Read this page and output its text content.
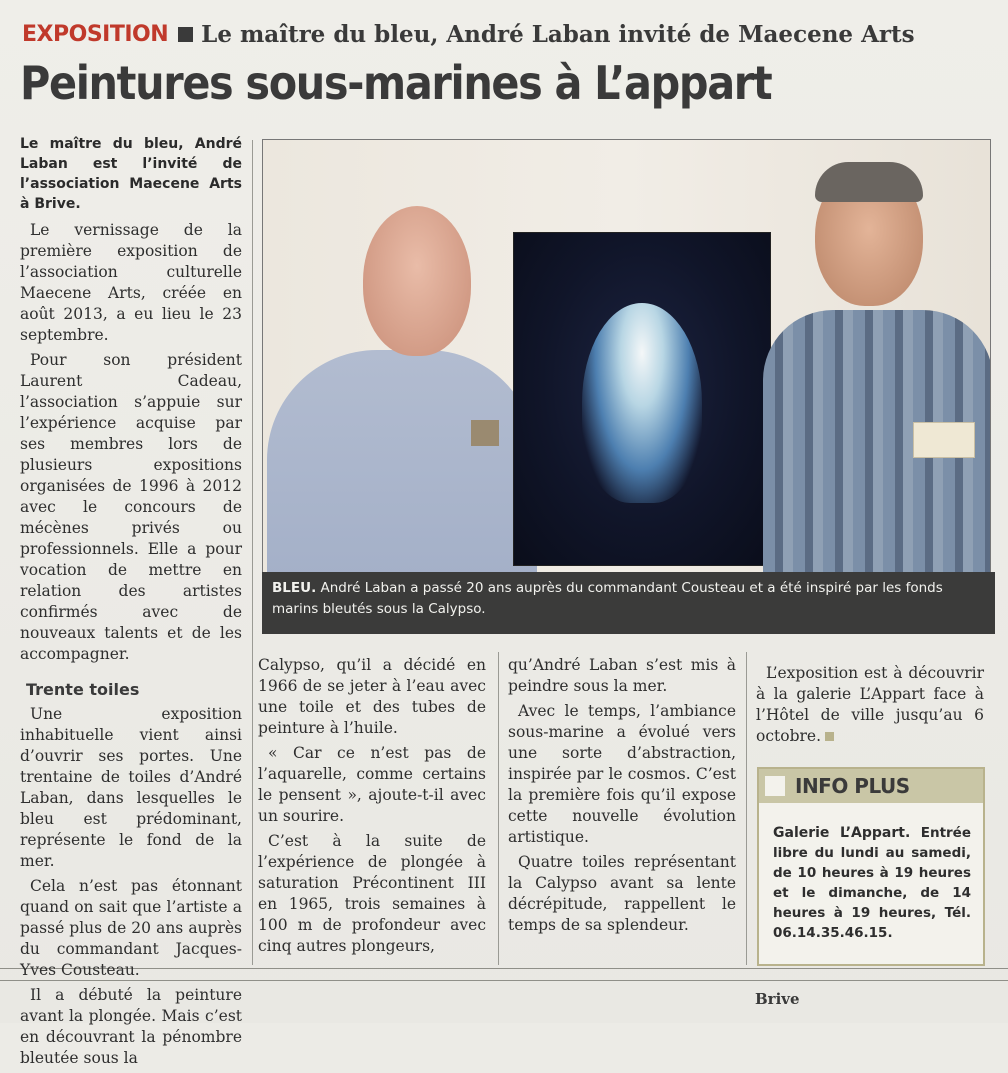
EXPOSITION Le maître du bleu, André Laban invité de Maecene Arts
Peintures sous-marines à L’appart
Le maître du bleu, André Laban est l’invité de l’association Maecene Arts à Brive.

Le vernissage de la première exposition de l’association culturelle Maecene Arts, créée en août 2013, a eu lieu le 23 septembre.

Pour son président Laurent Cadeau, l’association s’appuie sur l’expérience acquise par ses membres lors de plusieurs expositions organisées de 1996 à 2012 avec le concours de mécènes privés ou professionnels. Elle a pour vocation de mettre en relation des artistes confirmés avec de nouveaux talents et de les accompagner.

Trente toiles

Une exposition inhabituelle vient ainsi d’ouvrir ses portes. Une trentaine de toiles d’André Laban, dans lesquelles le bleu est prédominant, représente le fond de la mer.

Cela n’est pas étonnant quand on sait que l’artiste a passé plus de 20 ans auprès du commandant Jacques-Yves Cousteau.

Il a débuté la peinture avant la plongée. Mais c’est en découvrant la pénombre bleutée sous la

BLEU. André Laban a passé 20 ans auprès du commandant Cousteau et a été inspiré par les fonds marins bleutés sous la Calypso.

Calypso, qu’il a décidé en 1966 de se jeter à l’eau avec une toile et des tubes de peinture à l’huile.

« Car ce n’est pas de l’aquarelle, comme certains le pensent », ajoute-t-il avec un sourire.

C’est à la suite de l’expérience de plongée à saturation Précontinent III en 1965, trois semaines à 100 m de profondeur avec cinq autres plongeurs,

qu’André Laban s’est mis à peindre sous la mer.

Avec le temps, l’ambiance sous-marine a évolué vers une sorte d’abstraction, inspirée par le cosmos. C’est la première fois qu’il expose cette nouvelle évolution artistique.

Quatre toiles représentant la Calypso avant sa lente décrépitude, rappellent le temps de sa splendeur.

L’exposition est à découvrir à la galerie L’Appart face à l’Hôtel de ville jusqu’au 6 octobre.

INFO PLUS
Galerie L’Appart. Entrée libre du lundi au samedi, de 10 heures à 19 heures et le dimanche, de 14 heures à 19 heures, Tél. 06.14.35.46.15.
Brive
